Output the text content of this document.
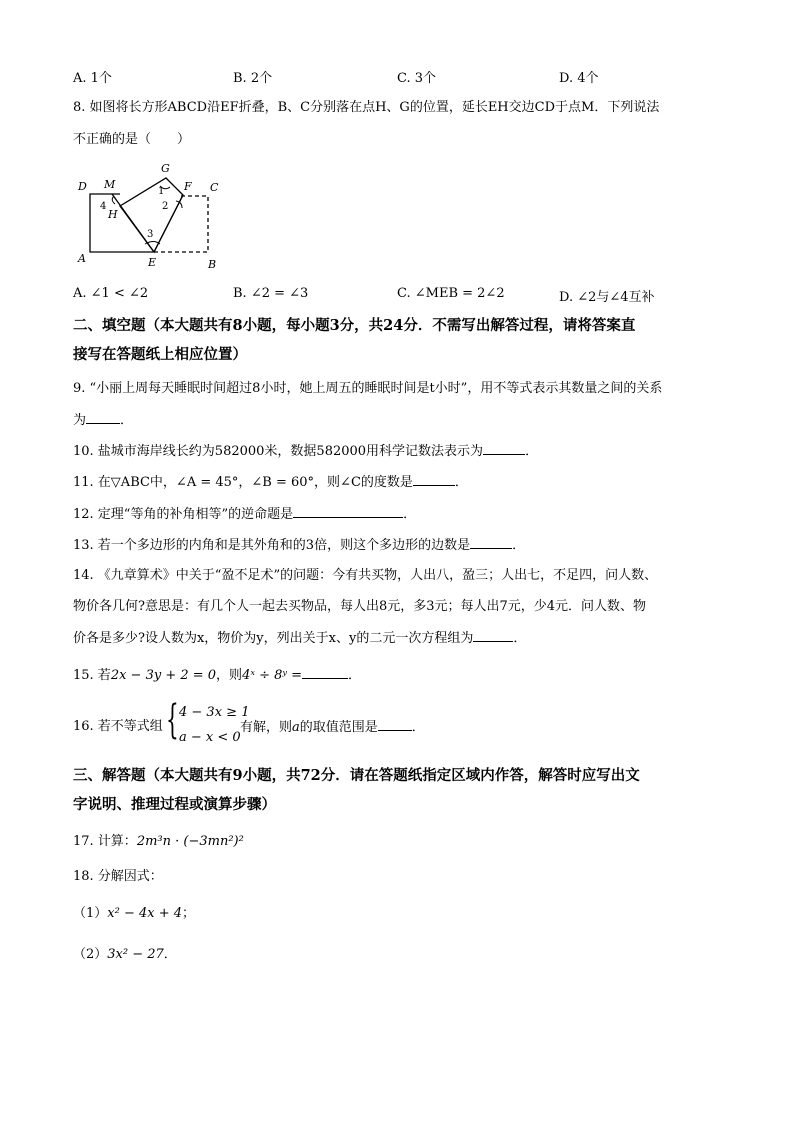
A. 1个	B. 2个	C. 3个	D. 4个
8. 如图将长方形ABCD沿EF折叠，B、C分别落在点H、G的位置，延长EH交边CD于点M．下列说法
不正确的是（　　）
D M
G
F C
H
A	E	B
1
2
3
4
A. ∠1 < ∠2	B. ∠2 = ∠3	C. ∠MEB = 2∠2	D. ∠2与∠4互补
二、填空题（本大题共有8小题，每小题3分，共24分．不需写出解答过程，请将答案直
接写在答题纸上相应位置）
9. “小丽上周每天睡眠时间超过8小时，她上周五的睡眠时间是t小时”，用不等式表示其数量之间的关系
为	．
10. 盐城市海岸线长约为582000米，数据582000用科学记数法表示为	．
11. 在▽ABC中，∠A = 45°，∠B = 60°，则∠C的度数是	．
12. 定理“等角的补角相等”的逆命题是	．
13. 若一个多边形的内角和是其外角和的3倍，则这个多边形的边数是	．
14. 《九章算术》中关于“盈不足术”的问题：今有共买物，人出八，盈三；人出七，不足四，问人数、
物价各几何?意思是：有几个人一起去买物品，每人出8元，多3元；每人出7元，少4元．问人数、物
价各是多少?设人数为x，物价为y，列出关于x、y的二元一次方程组为	．
15. 若2x − 3y + 2 = 0，则4ˣ ÷ 8ʸ =	．
16. 若不等式组 { 4 − 3x ≥ 1
a − x < 0
有解，则a的取值范围是	．
三、解答题（本大题共有9小题，共72分．请在答题纸指定区域内作答，解答时应写出文
字说明、推理过程或演算步骤）
17. 计算：2m³n · (−3mn²)²
18. 分解因式：
（1）x² − 4x + 4；
（2）3x² − 27．
